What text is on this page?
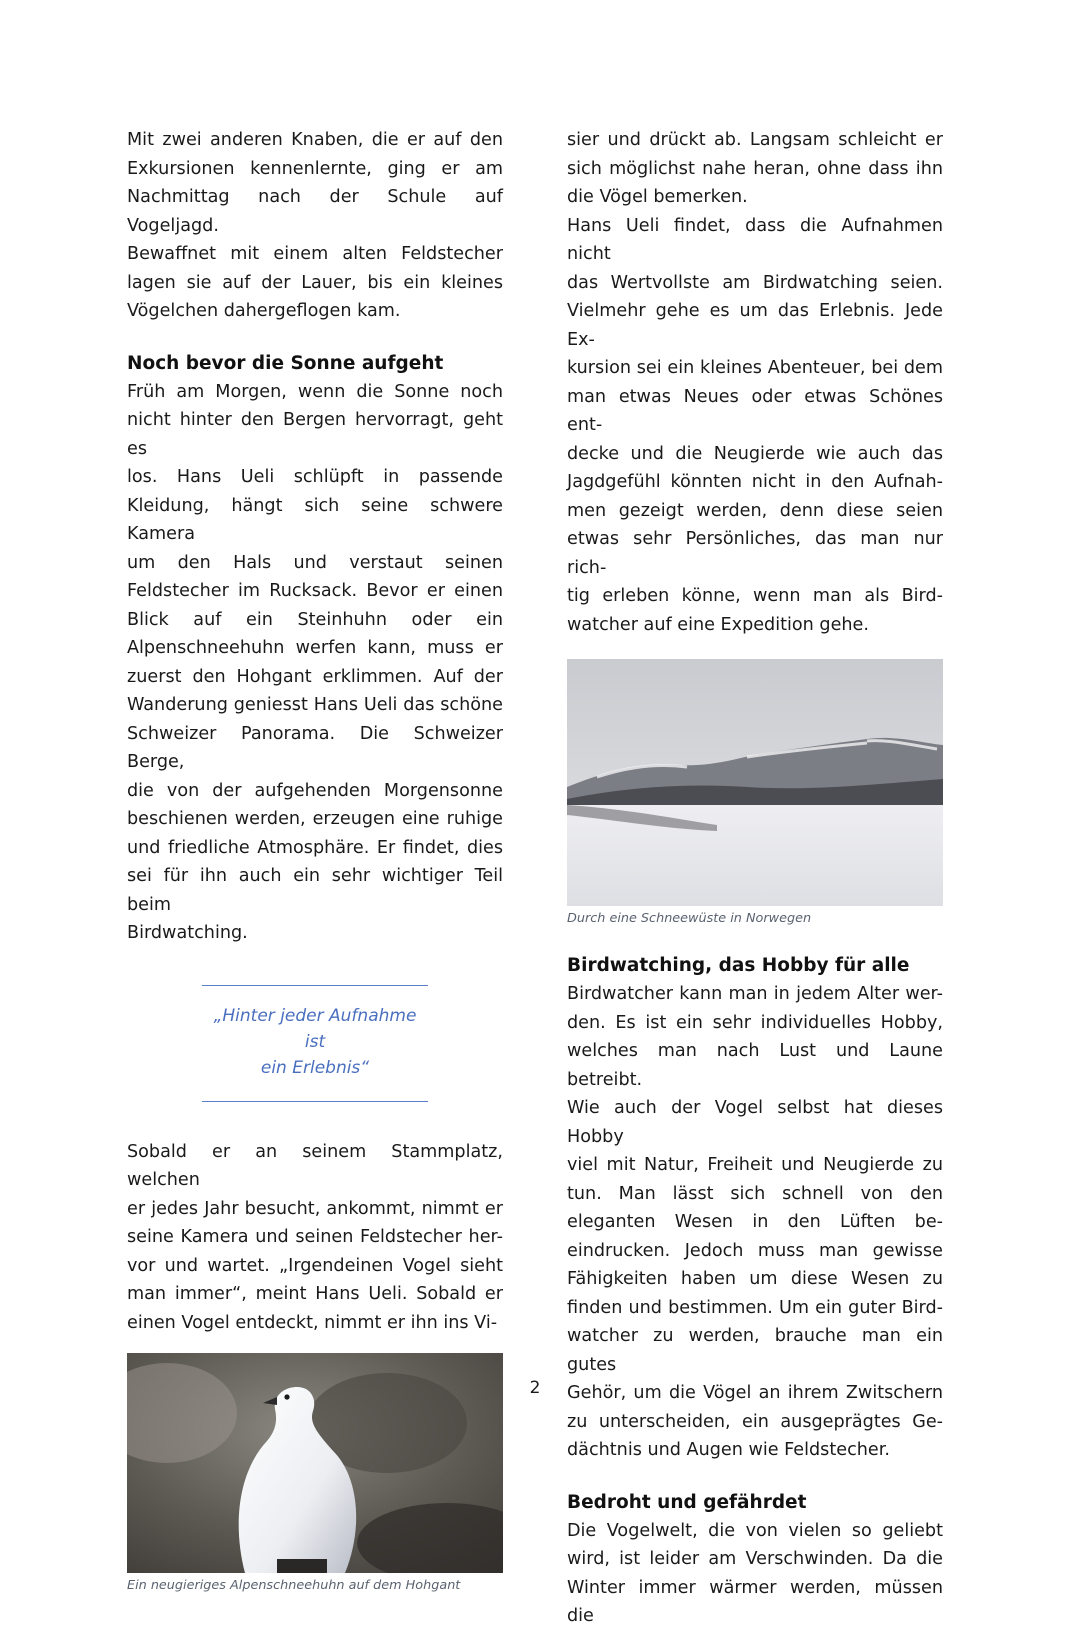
Mit zwei anderen Knaben, die er auf den

Exkursionen kennenlernte, ging er am

Nachmittag nach der Schule auf Vogeljagd.

Bewaffnet mit einem alten Feldstecher

lagen sie auf der Lauer, bis ein kleines

Vögelchen dahergeflogen kam.

Noch bevor die Sonne aufgeht

Früh am Morgen, wenn die Sonne noch

nicht hinter den Bergen hervorragt, geht es

los. Hans Ueli schlüpft in passende

Kleidung, hängt sich seine schwere Kamera

um den Hals und verstaut seinen

Feldstecher im Rucksack. Bevor er einen

Blick auf ein Steinhuhn oder ein

Alpenschneehuhn werfen kann, muss er

zuerst den Hohgant erklimmen. Auf der

Wanderung geniesst Hans Ueli das schöne

Schweizer Panorama. Die Schweizer Berge,

die von der aufgehenden Morgensonne

beschienen werden, erzeugen eine ruhige

und friedliche Atmosphäre. Er findet, dies

sei für ihn auch ein sehr wichtiger Teil beim

Birdwatching.

„Hinter jeder Aufnahme ist
ein Erlebnis“

Sobald er an seinem Stammplatz, welchen

er jedes Jahr besucht, ankommt, nimmt er

seine Kamera und seinen Feldstecher her-

vor und wartet. „Irgendeinen Vogel sieht

man immer“, meint Hans Ueli. Sobald er

einen Vogel entdeckt, nimmt er ihn ins Vi-

Ein neugieriges Alpenschneehuhn auf dem Hohgant

sier und drückt ab. Langsam schleicht er

sich möglichst nahe heran, ohne dass ihn

die Vögel bemerken.

Hans Ueli findet, dass die Aufnahmen nicht

das Wertvollste am Birdwatching seien.

Vielmehr gehe es um das Erlebnis. Jede Ex-

kursion sei ein kleines Abenteuer, bei dem

man etwas Neues oder etwas Schönes ent-

decke und die Neugierde wie auch das

Jagdgefühl könnten nicht in den Aufnah-

men gezeigt werden, denn diese seien

etwas sehr Persönliches, das man nur rich-

tig erleben könne, wenn man als Bird-

watcher auf eine Expedition gehe.

Durch eine Schneewüste in Norwegen
Birdwatching, das Hobby für alle

Birdwatcher kann man in jedem Alter wer-

den. Es ist ein sehr individuelles Hobby,

welches man nach Lust und Laune betreibt.

Wie auch der Vogel selbst hat dieses Hobby

viel mit Natur, Freiheit und Neugierde zu

tun. Man lässt sich schnell von den

eleganten Wesen in den Lüften be-

eindrucken. Jedoch muss man gewisse

Fähigkeiten haben um diese Wesen zu

finden und bestimmen. Um ein guter Bird-

watcher zu werden, brauche man ein gutes

Gehör, um die Vögel an ihrem Zwitschern

zu unterscheiden, ein ausgeprägtes Ge-

dächtnis und Augen wie Feldstecher.

Bedroht und gefährdet

Die Vogelwelt, die von vielen so geliebt

wird, ist leider am Verschwinden. Da die

Winter immer wärmer werden, müssen die

2
